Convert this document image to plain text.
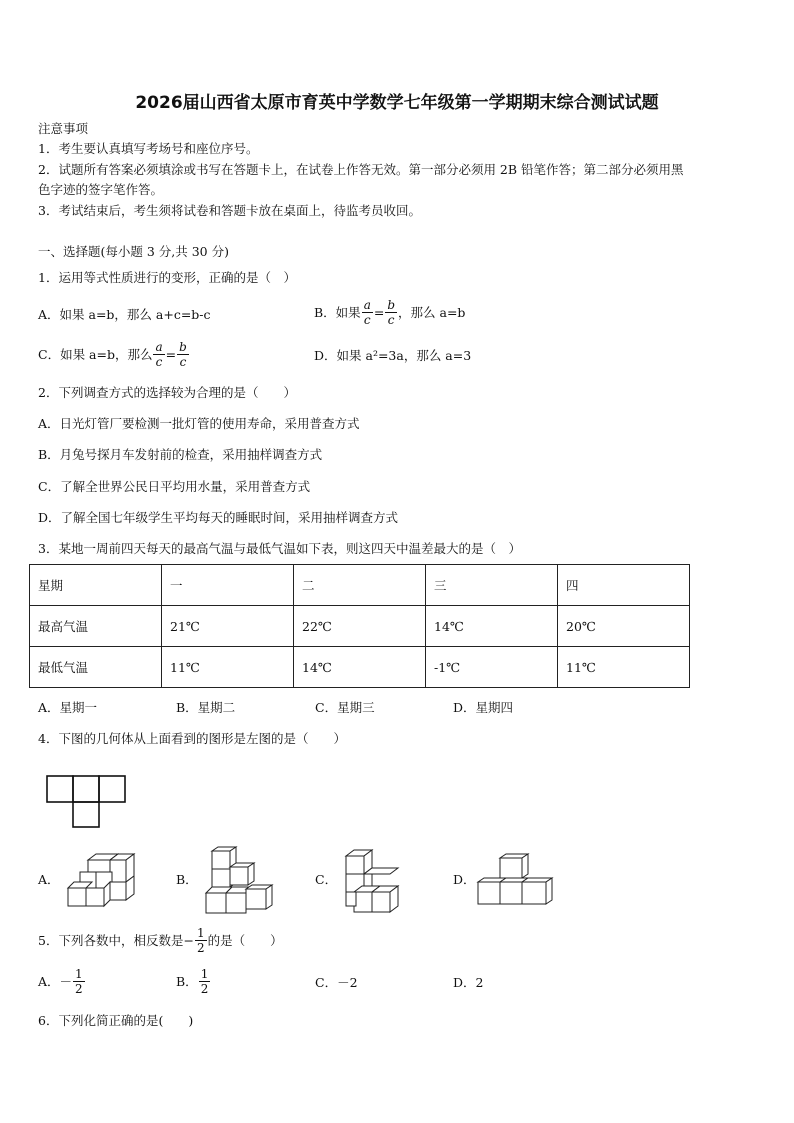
2026届山西省太原市育英中学数学七年级第一学期期末综合测试试题
注意事项
1．考生要认真填写考场号和座位序号。
2．试题所有答案必须填涂或书写在答题卡上，在试卷上作答无效。第一部分必须用 2B 铅笔作答；第二部分必须用黑
色字迹的签字笔作答。
3．考试结束后，考生须将试卷和答题卡放在桌面上，待监考员收回。
一、选择题(每小题 3 分,共 30 分)
1．运用等式性质进行的变形，正确的是（　）
A．如果 a=b，那么 a+c=b-c	B．如果 $\frac{a}{c} = \frac{b}{c}$ ，那么 a=b
C．如果 a=b，那么 $\frac{a}{c} = \frac{b}{c}$	D．如果 a²=3a，那么 a=3
2．下列调查方式的选择较为合理的是（　　）
A．日光灯管厂要检测一批灯管的使用寿命，采用普查方式
B．月兔号探月车发射前的检查，采用抽样调查方式
C．了解全世界公民日平均用水量，采用普查方式
D．了解全国七年级学生平均每天的睡眠时间，采用抽样调查方式
3．某地一周前四天每天的最高气温与最低气温如下表，则这四天中温差最大的是（　）
星期	一	二	三	四
最高气温	21℃	22℃	14℃	20℃
最低气温	11℃	14℃	-1℃	11℃
A．星期一	B．星期二	C．星期三	D．星期四
4．下图的几何体从上面看到的图形是左图的是（　　）
A．	B．	C．	D．
5．下列各数中，相反数是− $\frac{1}{2}$ 的是（　　）
A．－ $\frac{1}{2}$	B． $\frac{1}{2}$	C．－2	D．2
6．下列化简正确的是(　　)
